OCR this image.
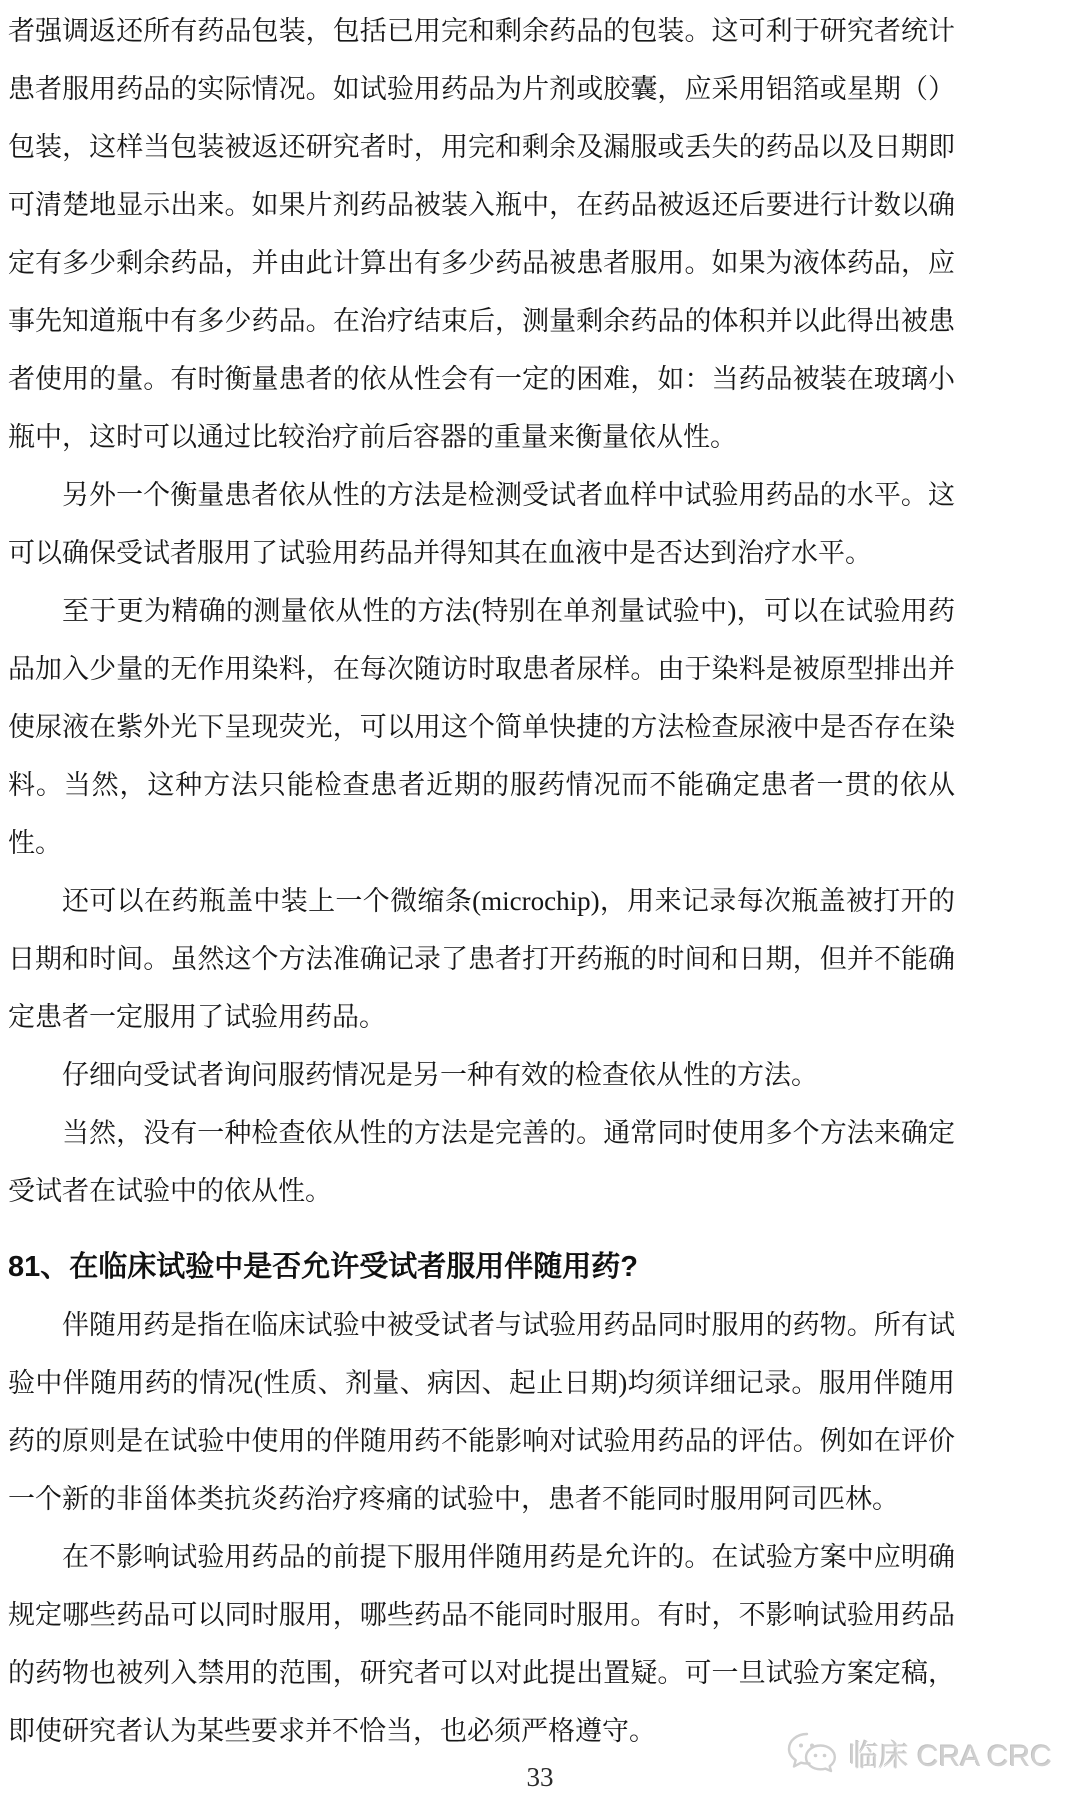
者强调返还所有药品包装，包括已用完和剩余药品的包装。这可利于研究者统计患者服用药品的实际情况。如试验用药品为片剂或胶囊，应采用铝箔或星期（）包装，这样当包装被返还研究者时，用完和剩余及漏服或丢失的药品以及日期即可清楚地显示出来。如果片剂药品被装入瓶中，在药品被返还后要进行计数以确定有多少剩余药品，并由此计算出有多少药品被患者服用。如果为液体药品，应事先知道瓶中有多少药品。在治疗结束后，测量剩余药品的体积并以此得出被患者使用的量。有时衡量患者的依从性会有一定的困难，如：当药品被装在玻璃小瓶中，这时可以通过比较治疗前后容器的重量来衡量依从性。

另外一个衡量患者依从性的方法是检测受试者血样中试验用药品的水平。这可以确保受试者服用了试验用药品并得知其在血液中是否达到治疗水平。

至于更为精确的测量依从性的方法(特别在单剂量试验中)，可以在试验用药品加入少量的无作用染料，在每次随访时取患者尿样。由于染料是被原型排出并使尿液在紫外光下呈现荧光，可以用这个简单快捷的方法检查尿液中是否存在染料。当然，这种方法只能检查患者近期的服药情况而不能确定患者一贯的依从性。

还可以在药瓶盖中装上一个微缩条(microchip)，用来记录每次瓶盖被打开的日期和时间。虽然这个方法准确记录了患者打开药瓶的时间和日期，但并不能确定患者一定服用了试验用药品。

仔细向受试者询问服药情况是另一种有效的检查依从性的方法。

当然，没有一种检查依从性的方法是完善的。通常同时使用多个方法来确定受试者在试验中的依从性。

81、在临床试验中是否允许受试者服用伴随用药?

伴随用药是指在临床试验中被受试者与试验用药品同时服用的药物。所有试验中伴随用药的情况(性质、剂量、病因、起止日期)均须详细记录。服用伴随用药的原则是在试验中使用的伴随用药不能影响对试验用药品的评估。例如在评价一个新的非甾体类抗炎药治疗疼痛的试验中，患者不能同时服用阿司匹林。

在不影响试验用药品的前提下服用伴随用药是允许的。在试验方案中应明确规定哪些药品可以同时服用，哪些药品不能同时服用。有时，不影响试验用药品的药物也被列入禁用的范围，研究者可以对此提出置疑。可一旦试验方案定稿，即使研究者认为某些要求并不恰当，也必须严格遵守。

临床 CRA CRC
33
